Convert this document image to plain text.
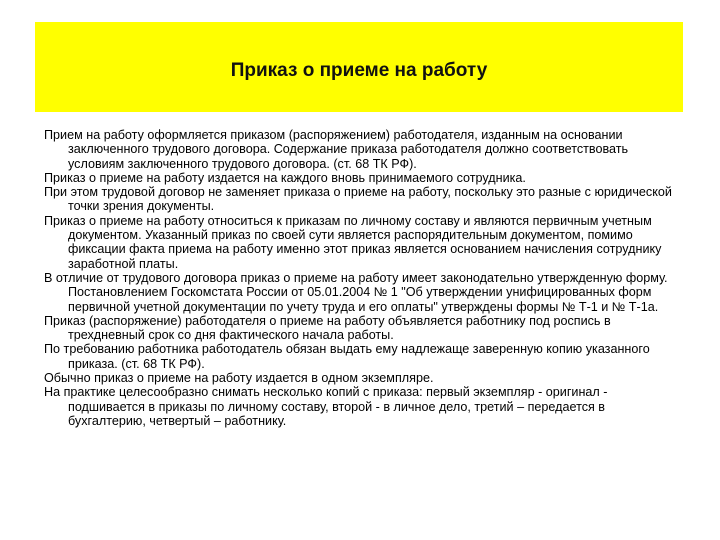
Приказ о приеме на работу

Прием на работу оформляется приказом (распоряжением) работодателя, изданным на основании заключенного трудового договора. Содержание приказа работодателя должно соответствовать условиям заключенного трудового договора. (ст. 68 ТК РФ).

Приказ о приеме на работу издается на каждого вновь принимаемого сотрудника.

При этом трудовой договор не заменяет приказа о приеме на работу, поскольку это разные с юридической точки зрения документы.

Приказ о приеме на работу относиться к приказам по личному составу и являются первичным учетным документом. Указанный приказ по своей сути является распорядительным документом, помимо фиксации факта приема на работу именно этот приказ является основанием начисления сотруднику заработной платы.

В отличие от трудового договора приказ о приеме на работу имеет законодательно утвержденную форму. Постановлением Госкомстата России от 05.01.2004 № 1 "Об утверждении унифицированных форм первичной учетной документации по учету труда и его оплаты" утверждены формы № Т-1 и № Т-1а.

Приказ (распоряжение) работодателя о приеме на работу объявляется работнику под роспись в трехдневный срок со дня фактического начала работы.

По требованию работника работодатель обязан выдать ему надлежаще заверенную копию указанного приказа. (ст. 68 ТК РФ).

Обычно приказ о приеме на работу издается в одном экземпляре.

На практике целесообразно снимать несколько копий с приказа: первый экземпляр - оригинал - подшивается в приказы по личному составу, второй - в личное дело, третий – передается в бухгалтерию, четвертый – работнику.
